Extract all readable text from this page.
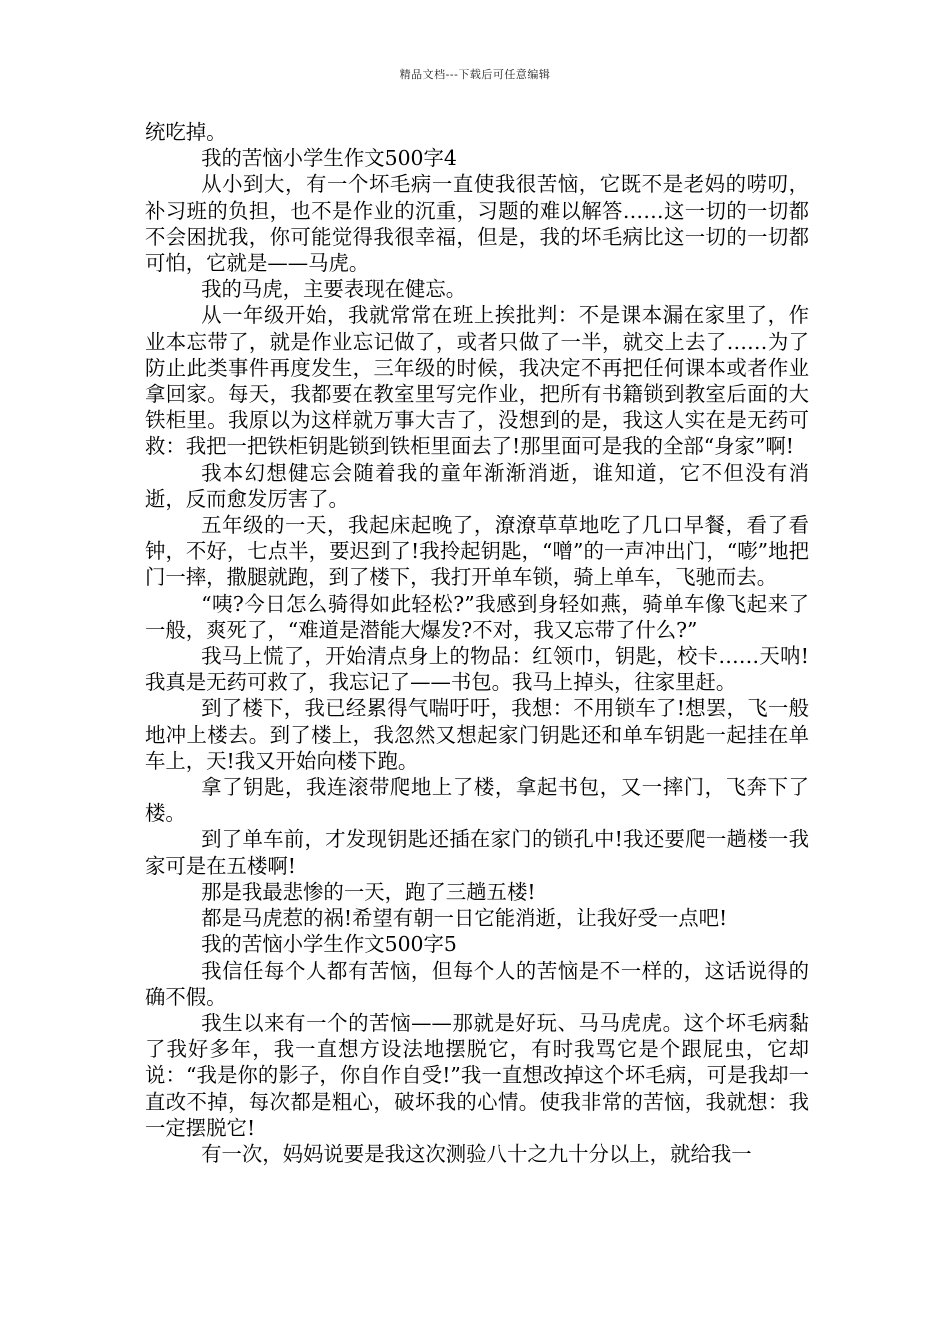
精品文档---下载后可任意编辑

统吃掉。

我的苦恼小学生作文500字4

从小到大，有一个坏毛病一直使我很苦恼，它既不是老妈的唠叨，补习班的负担，也不是作业的沉重，习题的难以解答……这一切的一切都不会困扰我，你可能觉得我很幸福，但是，我的坏毛病比这一切的一切都可怕，它就是——马虎。

我的马虎，主要表现在健忘。

从一年级开始，我就常常在班上挨批判：不是课本漏在家里了，作业本忘带了，就是作业忘记做了，或者只做了一半，就交上去了……为了防止此类事件再度发生，三年级的时候，我决定不再把任何课本或者作业拿回家。每天，我都要在教室里写完作业，把所有书籍锁到教室后面的大铁柜里。我原以为这样就万事大吉了，没想到的是，我这人实在是无药可救：我把一把铁柜钥匙锁到铁柜里面去了!那里面可是我的全部“身家”啊!

我本幻想健忘会随着我的童年渐渐消逝，谁知道，它不但没有消逝，反而愈发厉害了。

五年级的一天，我起床起晚了，潦潦草草地吃了几口早餐，看了看钟，不好，七点半，要迟到了!我拎起钥匙，“噌”的一声冲出门，“嘭”地把门一摔，撒腿就跑，到了楼下，我打开单车锁，骑上单车，飞驰而去。

“咦?今日怎么骑得如此轻松?”我感到身轻如燕，骑单车像飞起来了一般，爽死了，“难道是潜能大爆发?不对，我又忘带了什么?”

我马上慌了，开始清点身上的物品：红领巾，钥匙，校卡……天呐!我真是无药可救了，我忘记了——书包。我马上掉头，往家里赶。

到了楼下，我已经累得气喘吁吁，我想：不用锁车了!想罢，飞一般地冲上楼去。到了楼上，我忽然又想起家门钥匙还和单车钥匙一起挂在单车上，天!我又开始向楼下跑。

拿了钥匙，我连滚带爬地上了楼，拿起书包，又一摔门，飞奔下了楼。

到了单车前，才发现钥匙还插在家门的锁孔中!我还要爬一趟楼一我家可是在五楼啊!

那是我最悲惨的一天，跑了三趟五楼!

都是马虎惹的祸!希望有朝一日它能消逝，让我好受一点吧!

我的苦恼小学生作文500字5

我信任每个人都有苦恼，但每个人的苦恼是不一样的，这话说得的确不假。

我生以来有一个的苦恼——那就是好玩、马马虎虎。这个坏毛病黏了我好多年，我一直想方设法地摆脱它，有时我骂它是个跟屁虫，它却说：“我是你的影子，你自作自受!”我一直想改掉这个坏毛病，可是我却一直改不掉，每次都是粗心，破坏我的心情。使我非常的苦恼，我就想：我一定摆脱它!

有一次，妈妈说要是我这次测验八十之九十分以上，就给我一
